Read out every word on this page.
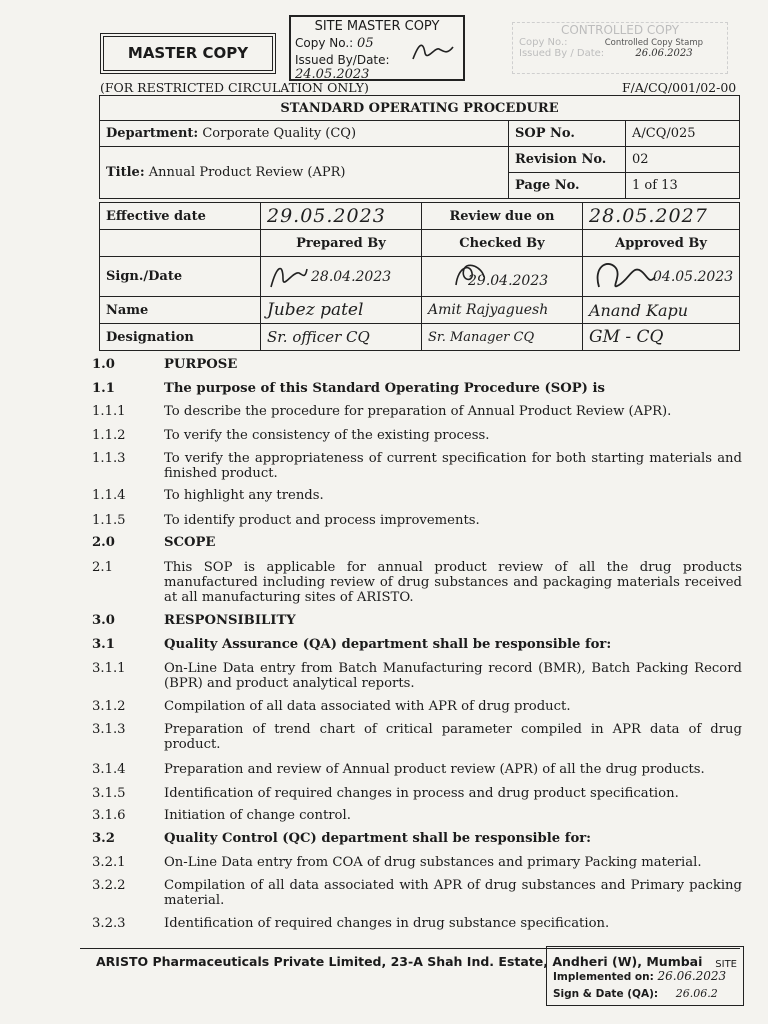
MASTER COPY
SITE MASTER COPY
Copy No.: 05
Issued By/Date: 24.05.2023
CONTROLLED COPY
Copy No.:	Controlled Copy Stamp
Issued By / Date:	26.06.2023
(FOR RESTRICTED CIRCULATION ONLY)	F/A/CQ/001/02-00
STANDARD OPERATING PROCEDURE		
Department: Corporate Quality (CQ)	SOP No.	A/CQ/025
Title: Annual Product Review (APR)	Revision No.	02
	Page No.	1 of 13
Effective date	29.05.2023	Review due on	28.05.2027
	Prepared By	Checked By	Approved By
Sign./Date	28.04.2023	29.04.2023	04.05.2023

Name	Jubez patel	Amit Rajyaguesh	Anand Kapu
Designation	Sr. officer CQ	Sr. Manager CQ	GM - CQ
1.0	PURPOSE
1.1	The purpose of this Standard Operating Procedure (SOP) is
1.1.1	To describe the procedure for preparation of Annual Product Review (APR).
1.1.2	To verify the consistency of the existing process.
1.1.3	To verify the appropriateness of current specification for both starting materials and finished product.
1.1.4	To highlight any trends.
1.1.5	To identify product and process improvements.
2.0	SCOPE
2.1	This SOP is applicable for annual product review of all the drug products manufactured including review of drug substances and packaging materials received at all manufacturing sites of ARISTO.
3.0	RESPONSIBILITY
3.1	Quality Assurance (QA) department shall be responsible for:
3.1.1	On-Line Data entry from Batch Manufacturing record (BMR), Batch Packing Record (BPR) and product analytical reports.
3.1.2	Compilation of all data associated with APR of drug product.
3.1.3	Preparation of trend chart of critical parameter compiled in APR data of drug product.
3.1.4	Preparation and review of Annual product review (APR) of all the drug products.
3.1.5	Identification of required changes in process and drug product specification.
3.1.6	Initiation of change control.
3.2	Quality Control (QC) department shall be responsible for:
3.2.1	On-Line Data entry from COA of drug substances and primary Packing material.
3.2.2	Compilation of all data associated with APR of drug substances and Primary packing material.
3.2.3	Identification of required changes in drug substance specification.
ARISTO Pharmaceuticals Private Limited, 23-A Shah Ind. Estate, Andheri (W), Mumbai SITE
Implemented on: 26.06.2023
Sign & Date (QA): 26.06.2
